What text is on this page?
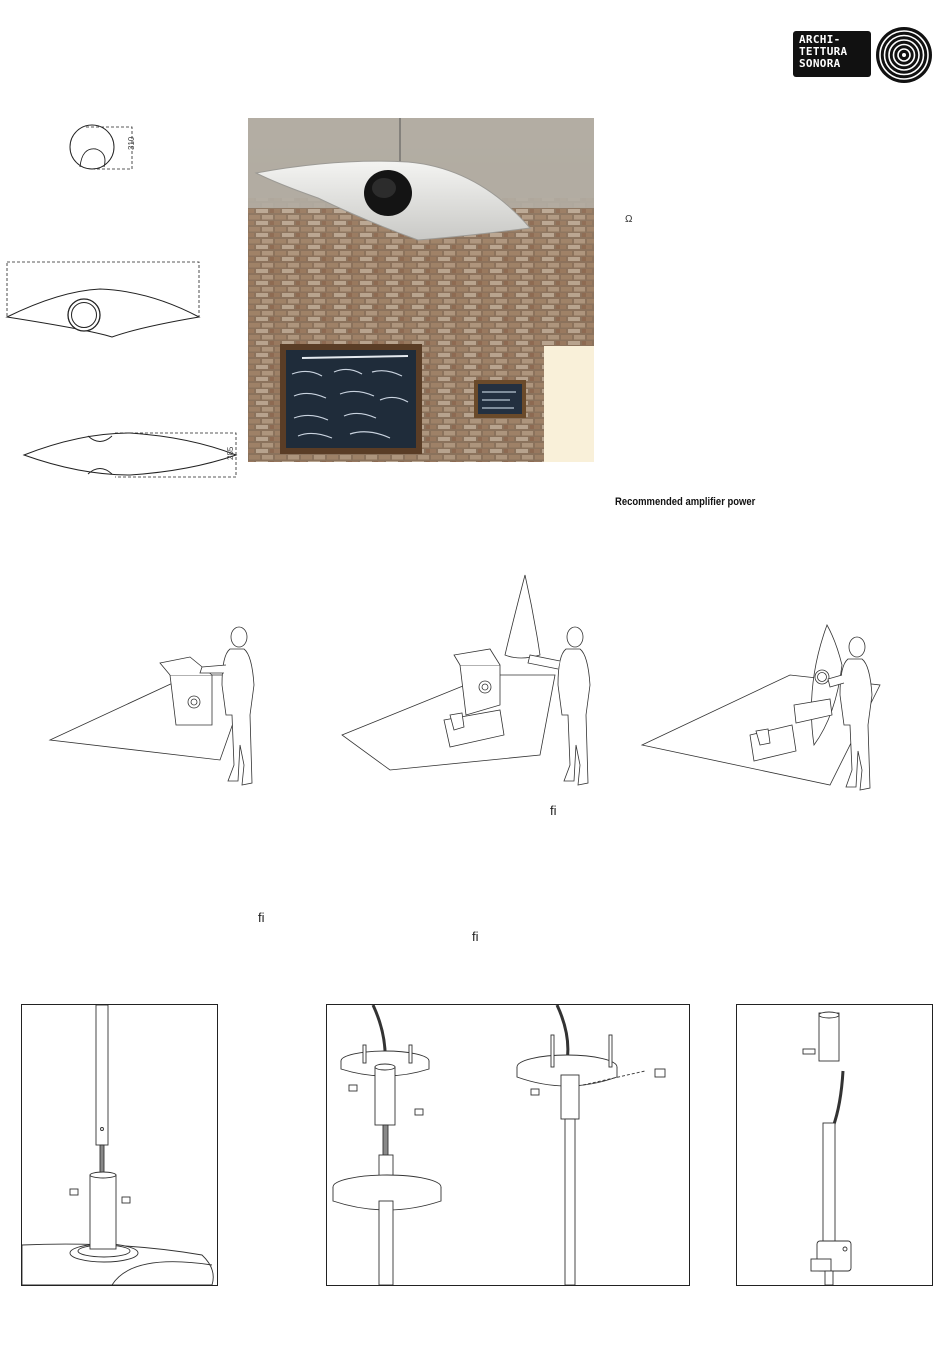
ARCHI-
TETTURA
SONORA
310
285
Ω
Recommended amplifier power
fi
fi
fi
